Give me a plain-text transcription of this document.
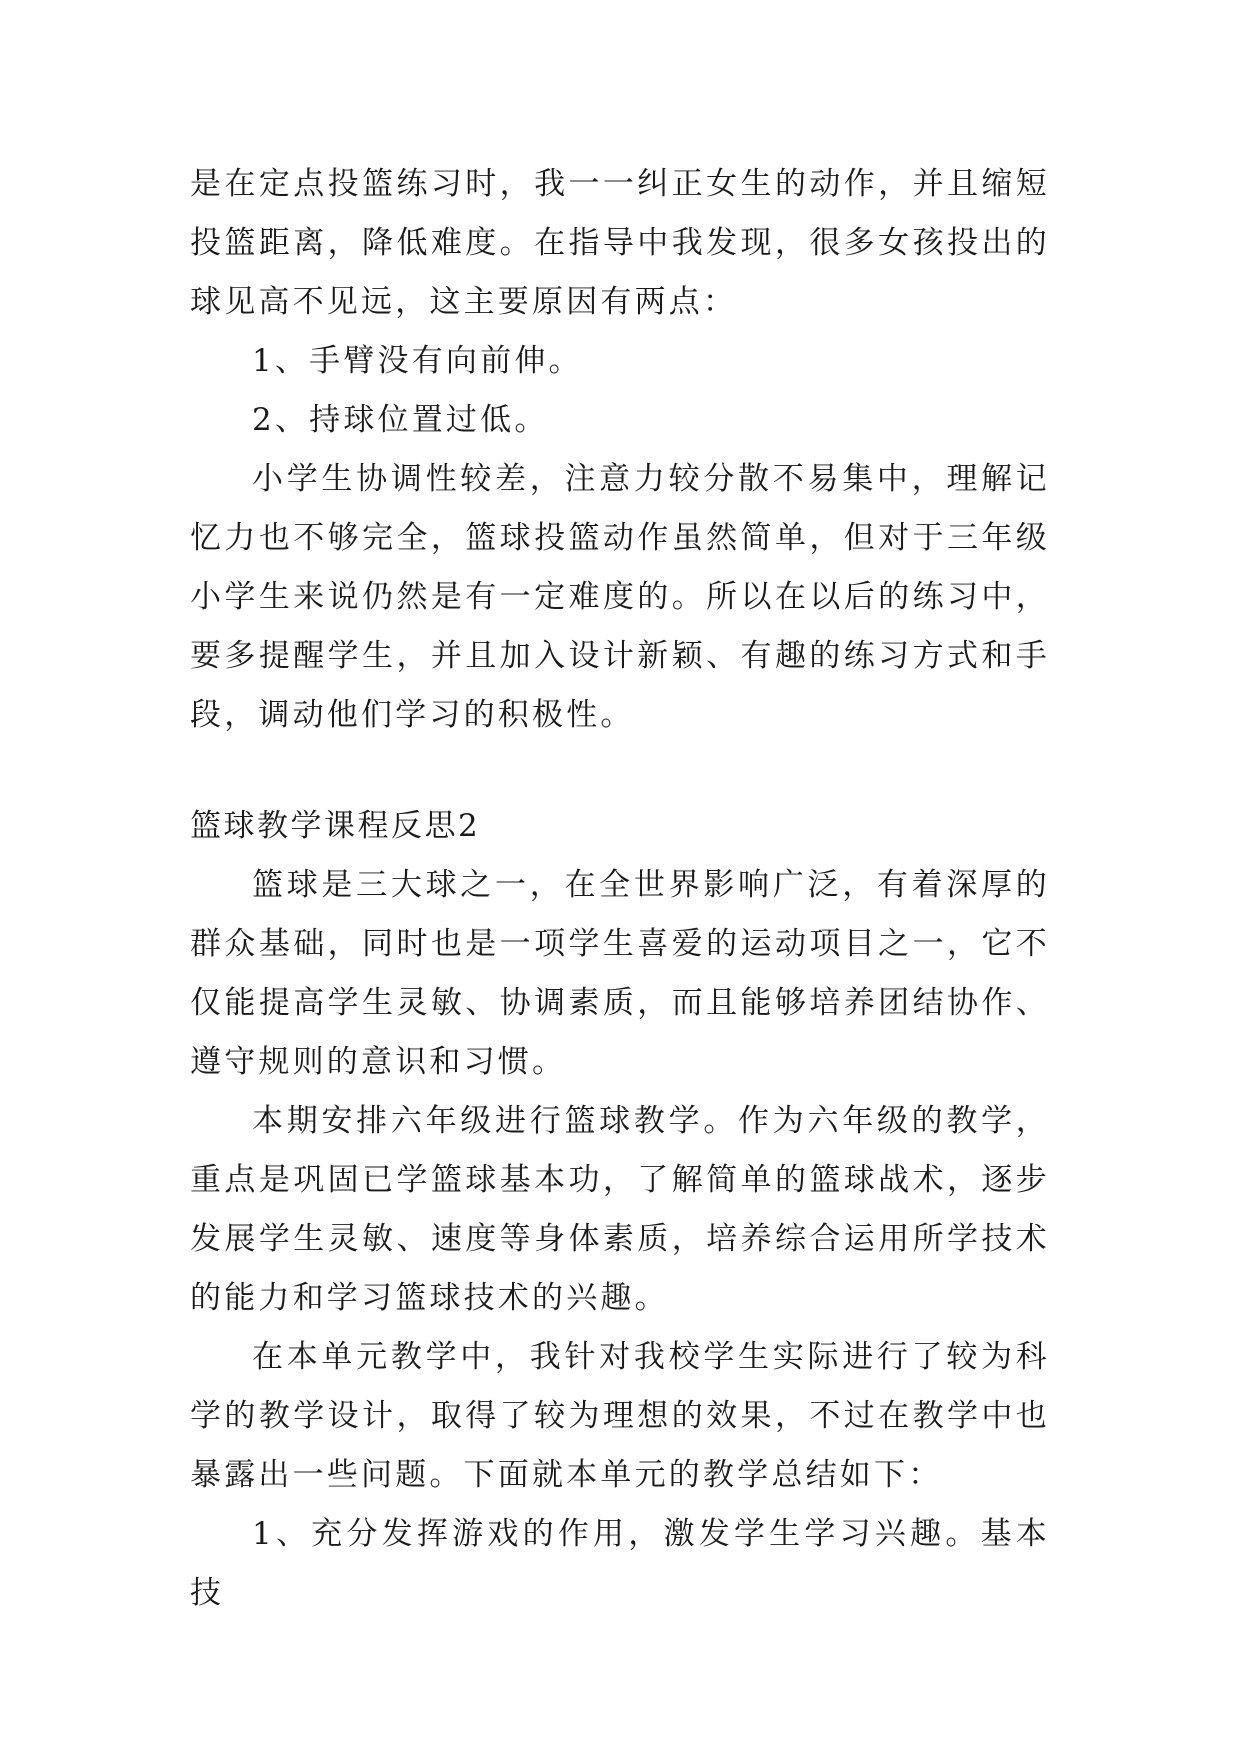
是在定点投篮练习时，我一一纠正女生的动作，并且缩短投篮距离，降低难度。在指导中我发现，很多女孩投出的球见高不见远，这主要原因有两点：

1、手臂没有向前伸。

2、持球位置过低。

小学生协调性较差，注意力较分散不易集中，理解记忆力也不够完全，篮球投篮动作虽然简单，但对于三年级小学生来说仍然是有一定难度的。所以在以后的练习中，要多提醒学生，并且加入设计新颖、有趣的练习方式和手段，调动他们学习的积极性。

篮球教学课程反思2

篮球是三大球之一，在全世界影响广泛，有着深厚的群众基础，同时也是一项学生喜爱的运动项目之一，它不仅能提高学生灵敏、协调素质，而且能够培养团结协作、遵守规则的意识和习惯。

本期安排六年级进行篮球教学。作为六年级的教学，重点是巩固已学篮球基本功，了解简单的篮球战术，逐步发展学生灵敏、速度等身体素质，培养综合运用所学技术的能力和学习篮球技术的兴趣。

在本单元教学中，我针对我校学生实际进行了较为科学的教学设计，取得了较为理想的效果，不过在教学中也暴露出一些问题。下面就本单元的教学总结如下：

1、充分发挥游戏的作用，激发学生学习兴趣。基本技
